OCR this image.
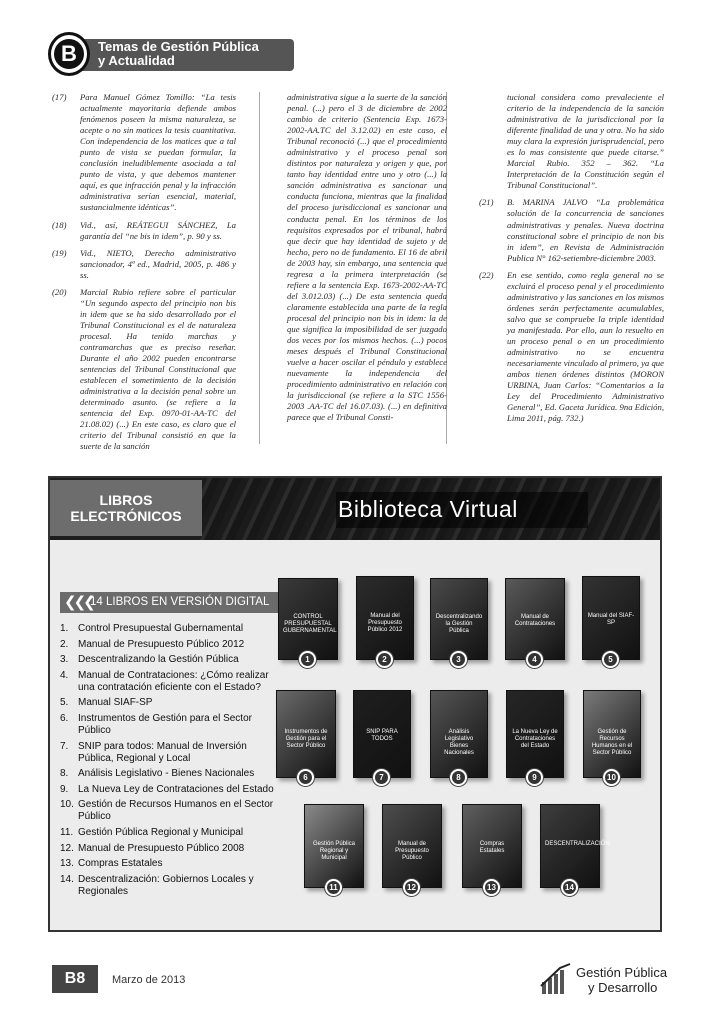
B	Temas de Gestión Pública
y Actualidad
(17)	Para Manuel Gómez Tomillo: “La tesis actualmente mayoritaria defiende ambos fenómenos poseen la misma naturaleza, se acepte o no sin matices la tesis cuantitativa. Con independencia de los matices que a tal punto de vista se puedan formular, la conclusión ineludiblemente asociada a tal punto de vista, y que debemos mantener aquí, es que infracción penal y la infracción administrativa serían esencial, material, sustancialmente idénticas”.
(18)	Vid., así, REÁTEGUI SÁNCHEZ, La garantía del “ne bis in idem”, p. 90 y ss.
(19)	Vid., NIETO, Derecho administrativo sancionador, 4ª ed., Madrid, 2005, p. 486 y ss.
(20)	Marcial Rubio refiere sobre el particular “Un segundo aspecto del principio non bis in idem que se ha sido desarrollado por el Tribunal Constitucional es el de naturaleza procesal. Ha tenido marchas y contramarchas que es preciso reseñar. Durante el año 2002 pueden encontrarse sentencias del Tribunal Constitucional que establecen el sometimiento de la decisión administrativa a la decisión penal sobre un determinado asunto. (se refiere a la sentencia del Exp. 0970-01-AA-TC del 21.08.02) (...) En este caso, es claro que el criterio del Tribunal consistió en que la suerte de la sanción
administrativa sigue a la suerte de la sanción penal. (...) pero el 3 de diciembre de 2002 cambio de criterio (Sentencia Exp. 1673-2002-AA.TC del 3.12.02) en este caso, el Tribunal reconoció (...) que el procedimiento administrativo y el proceso penal son distintos por naturaleza y origen y que, por tanto hay identidad entre uno y otro (...) la sanción administrativa es sancionar una conducta funciona, mientras que la finalidad del proceso jurisdiccional es sancionar una conducta penal. En los términos de los requisitos expresados por el tribunal, habrá que decir que hay identidad de sujeto y de hecho, pero no de fundamento. El 16 de abril de 2003 hay, sin embargo, una sentencia que regresa a la primera interpretación (se refiere a la sentencia Exp. 1673-2002-AA-TC del 3.012.03) (...) De esta sentencia queda claramente establecida una parte de la regla procesal del principio non bis in idem: la de que significa la imposibilidad de ser juzgado dos veces por los mismos hechos. (...) pocos meses después el Tribunal Constitucional vuelve a hacer oscilar el péndulo y establece nuevamente la independencia del procedimiento administrativo en relación con la jurisdiccional (se refiere a la STC 1556-2003 .AA-TC del 16.07.03). (...) en definitiva parece que el Tribunal Consti-
tucional considera como prevaleciente el criterio de la independencia de la sanción administrativa de la jurisdiccional por la diferente finalidad de una y otra. No ha sido muy clara la expresión jurisprudencial, pero es lo mas consistente que puede citarse.” Marcial Rubio. 352 – 362. “La Interpretación de la Constitución según el Tribunal Constitucional”.
(21)	B. MARINA JALVO “La problemática solución de la concurrencia de sanciones administrativas y penales. Nueva doctrina constitucional sobre el principio de non bis in idem”, en Revista de Administración Publica N° 162-setiembre-diciembre 2003.
(22)	En ese sentido, como regla general no se excluirá el proceso penal y el procedimiento administrativo y las sanciones en los mismos órdenes serán perfectamente acumulables, salvo que se compruebe la triple identidad ya manifestada. Por ello, aun lo resuelto en un proceso penal o en un procedimiento administrativo no se encuentra necesariamente vinculado al primero, ya que ambos tienen órdenes distintos (MORON URBINA, Juan Carlos: “Comentarios a la Ley del Procedimiento Administrativo General”, Ed. Gaceta Jurídica. 9na Edición, Lima 2011, pág. 732.)
LIBROS
ELECTRÓNICOS	Biblioteca Virtual
❮❮❮
14 LIBROS EN VERSIÓN DIGITAL
1. Control Presupuestal Gubernamental
2. Manual de Presupuesto Público 2012
3. Descentralizando la Gestión Pública
4. Manual de Contrataciones: ¿Cómo realizar una contratación eficiente con el Estado?
5. Manual SIAF-SP
6. Instrumentos de Gestión para el Sector Público
7. SNIP para todos: Manual de Inversión Pública, Regional y Local
8. Análisis Legislativo - Bienes Nacionales
9. La Nueva Ley de Contrataciones del Estado
10. Gestión de Recursos Humanos en el Sector Público
11. Gestión Pública Regional y Municipal
12. Manual de Presupuesto Público 2008
13. Compras Estatales
14. Descentralización: Gobiernos Locales y Regionales
CONTROL PRESUPUESTAL GUBERNAMENTAL
1
Manual del Presupuesto Público 2012
2
Descentralizando la Gestión Pública
3
Manual de Contrataciones
4
Manual del SIAF-SP
5
Instrumentos de Gestión para el Sector Público
6
SNIP PARA TODOS
7
Análisis Legislativo Bienes Nacionales
8
La Nueva Ley de Contrataciones del Estado
9
Gestión de Recursos Humanos en el Sector Público
10
Gestión Pública Regional y Municipal
11
Manual de Presupuesto Público
12
Compras Estatales
13
DESCENTRALIZACIÓN
14
B8	Marzo de 2013	Gestión Pública
y Desarrollo
